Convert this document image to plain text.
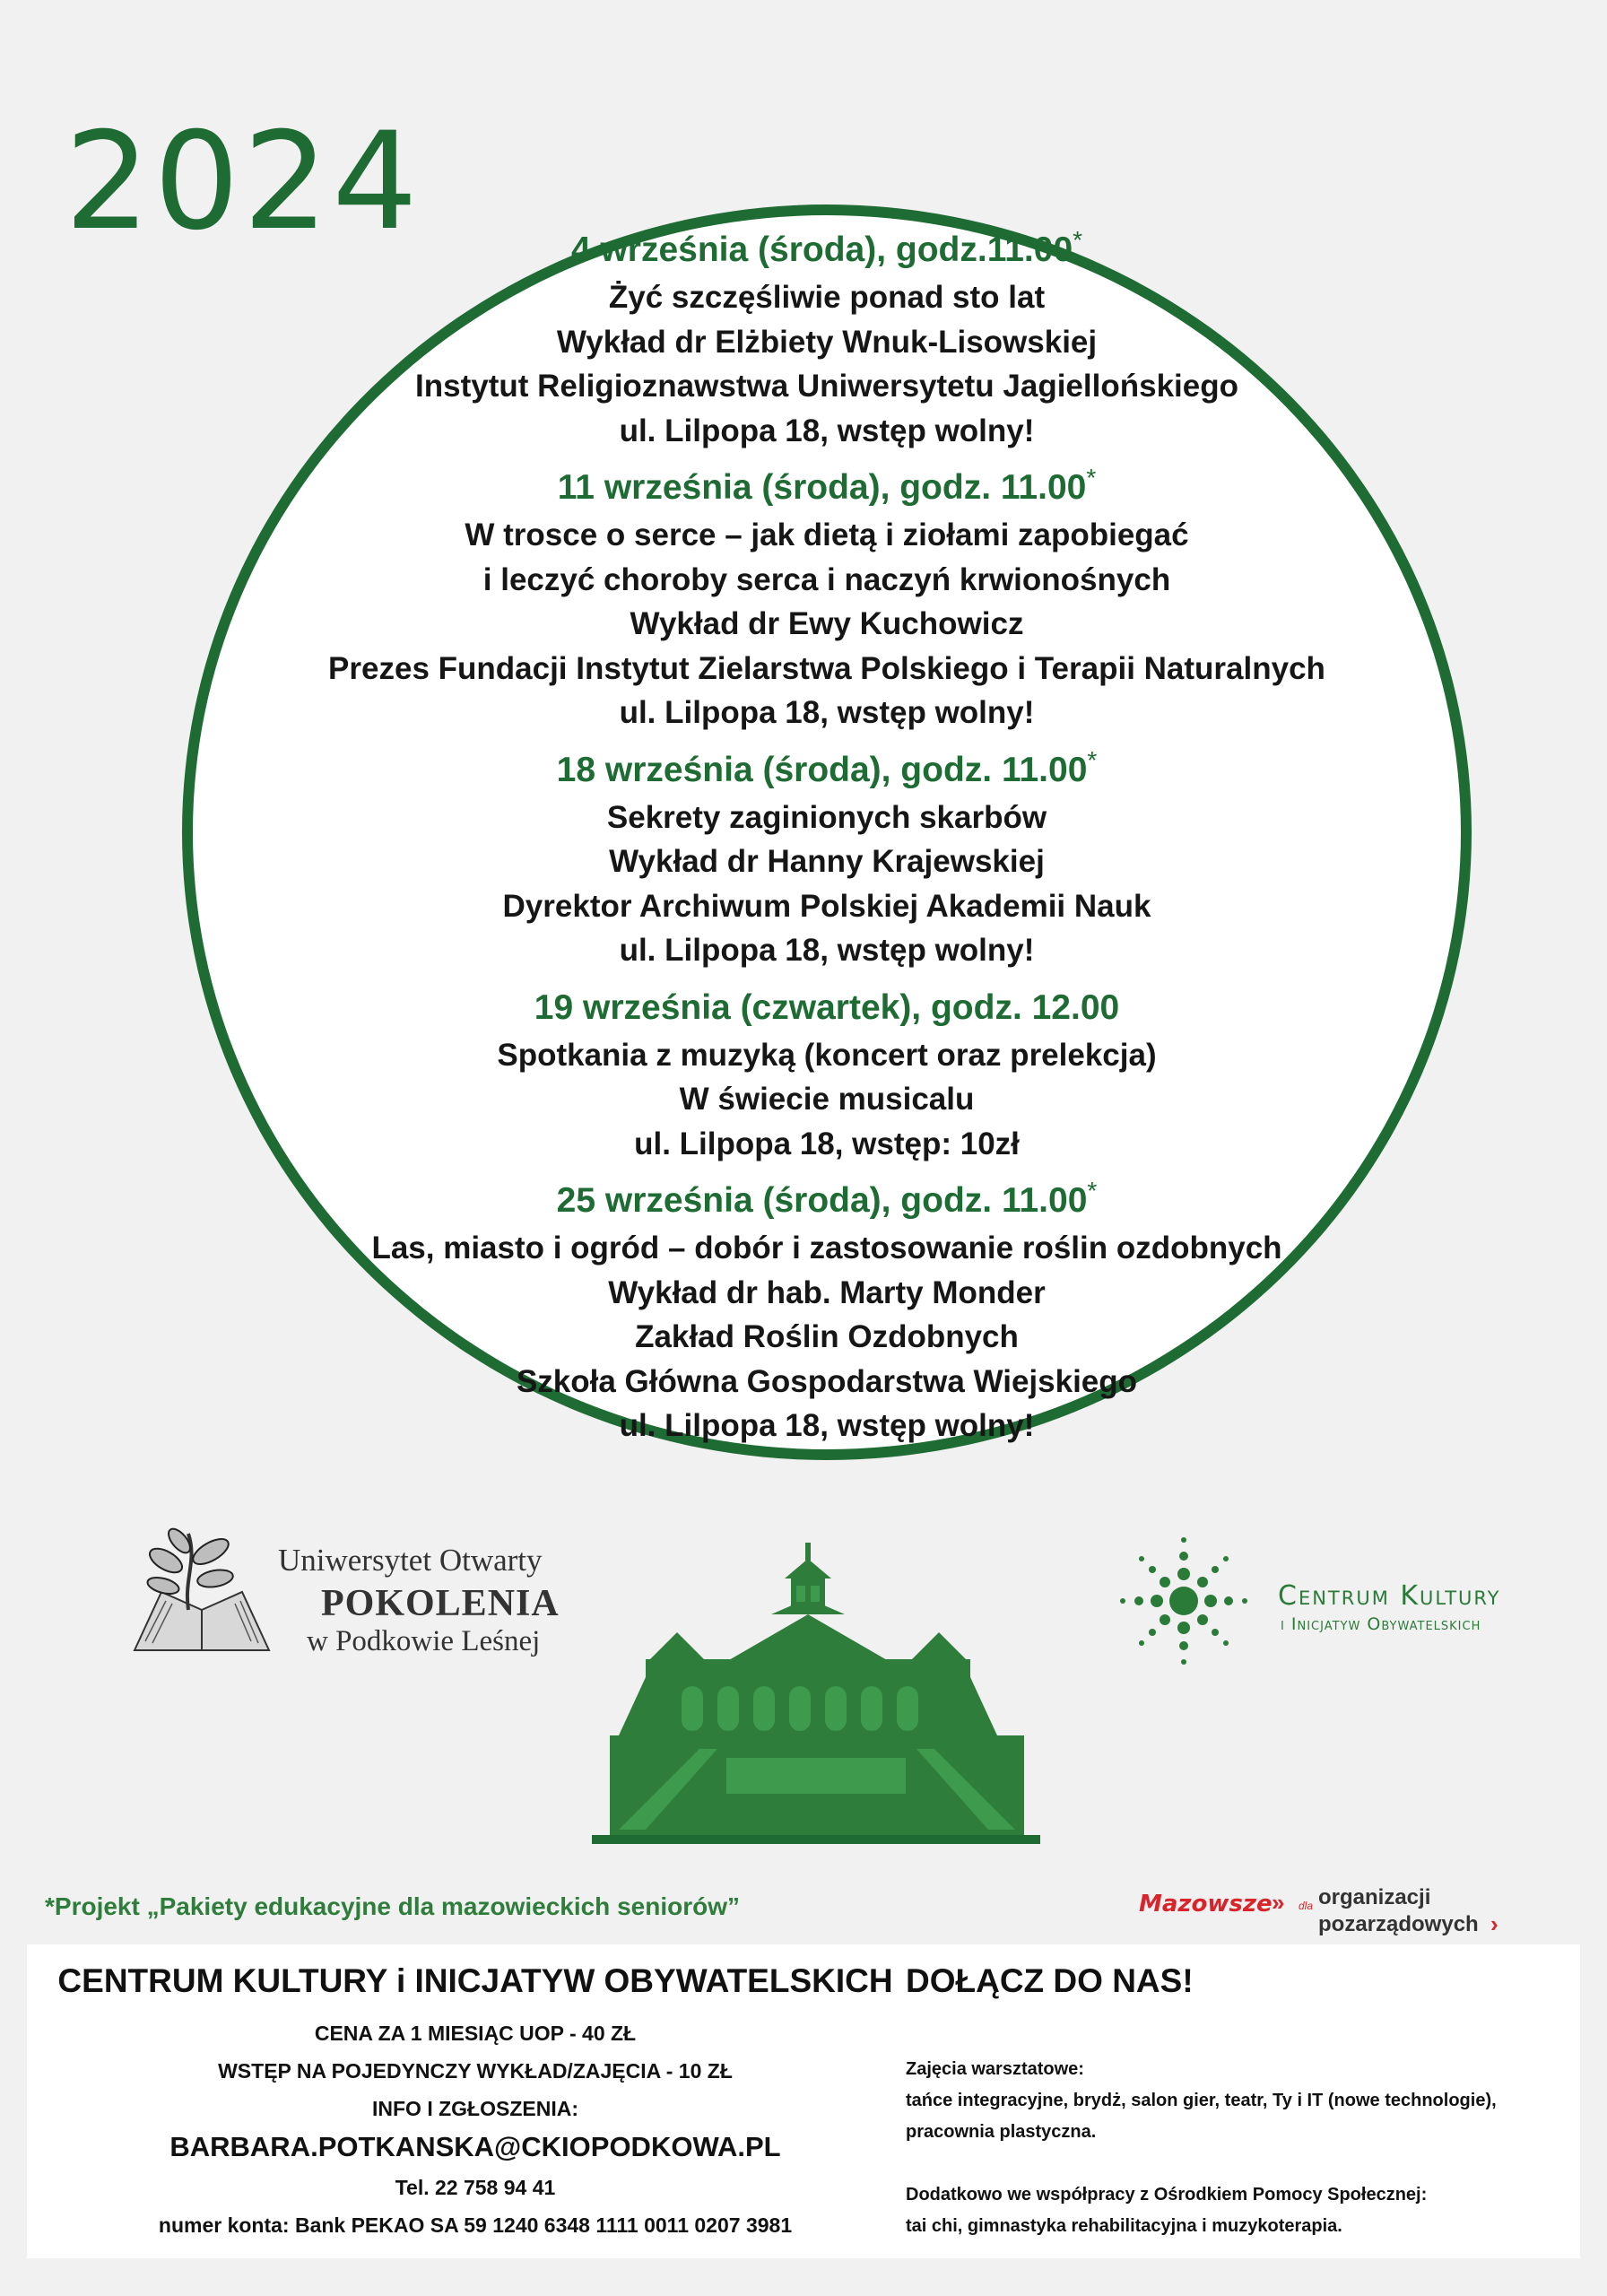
2024	4 września (środa), godz.11.00*
Żyć szczęśliwie ponad sto lat
Wykład dr Elżbiety Wnuk-Lisowskiej
Instytut Religioznawstwa Uniwersytetu Jagiellońskiego
ul. Lilpopa 18, wstęp wolny!
11 września (środa), godz. 11.00*
W trosce o serce – jak dietą i ziołami zapobiegać
i leczyć choroby serca i naczyń krwionośnych
Wykład dr Ewy Kuchowicz
Prezes Fundacji Instytut Zielarstwa Polskiego i Terapii Naturalnych
ul. Lilpopa 18, wstęp wolny!
18 września (środa), godz. 11.00*
Sekrety zaginionych skarbów
Wykład dr Hanny Krajewskiej
Dyrektor Archiwum Polskiej Akademii Nauk
ul. Lilpopa 18, wstęp wolny!
19 września (czwartek), godz. 12.00
Spotkania z muzyką (koncert oraz prelekcja)
W świecie musicalu
ul. Lilpopa 18, wstęp: 10zł
25 września (środa), godz. 11.00*
Las, miasto i ogród – dobór i zastosowanie roślin ozdobnych
Wykład dr hab. Marty Monder
Zakład Roślin Ozdobnych
Szkoła Główna Gospodarstwa Wiejskiego
ul. Lilpopa 18, wstęp wolny!
Uniwersytet Otwarty
POKOLENIA
w Podkowie Leśnej
Centrum Kultury
i Inicjatyw Obywatelskich
*Projekt „Pakiety edukacyjne dla mazowieckich seniorów”	Mazowsze » dla organizacji
pozarządowych ›
CENTRUM KULTURY i INICJATYW OBYWATELSKICH
CENA ZA 1 MIESIĄC UOP - 40 ZŁ
WSTĘP NA POJEDYNCZY WYKŁAD/ZAJĘCIA - 10 ZŁ
INFO I ZGŁOSZENIA:
BARBARA.POTKANSKA@CKIOPODKOWA.PL
Tel. 22 758 94 41
numer konta: Bank PEKAO SA 59 1240 6348 1111 0011 0207 3981
DOŁĄCZ DO NAS!
Zajęcia warsztatowe:
tańce integracyjne, brydż, salon gier, teatr, Ty i IT (nowe technologie),
pracownia plastyczna.
Dodatkowo we współpracy z Ośrodkiem Pomocy Społecznej:
tai chi, gimnastyka rehabilitacyjna i muzykoterapia.
